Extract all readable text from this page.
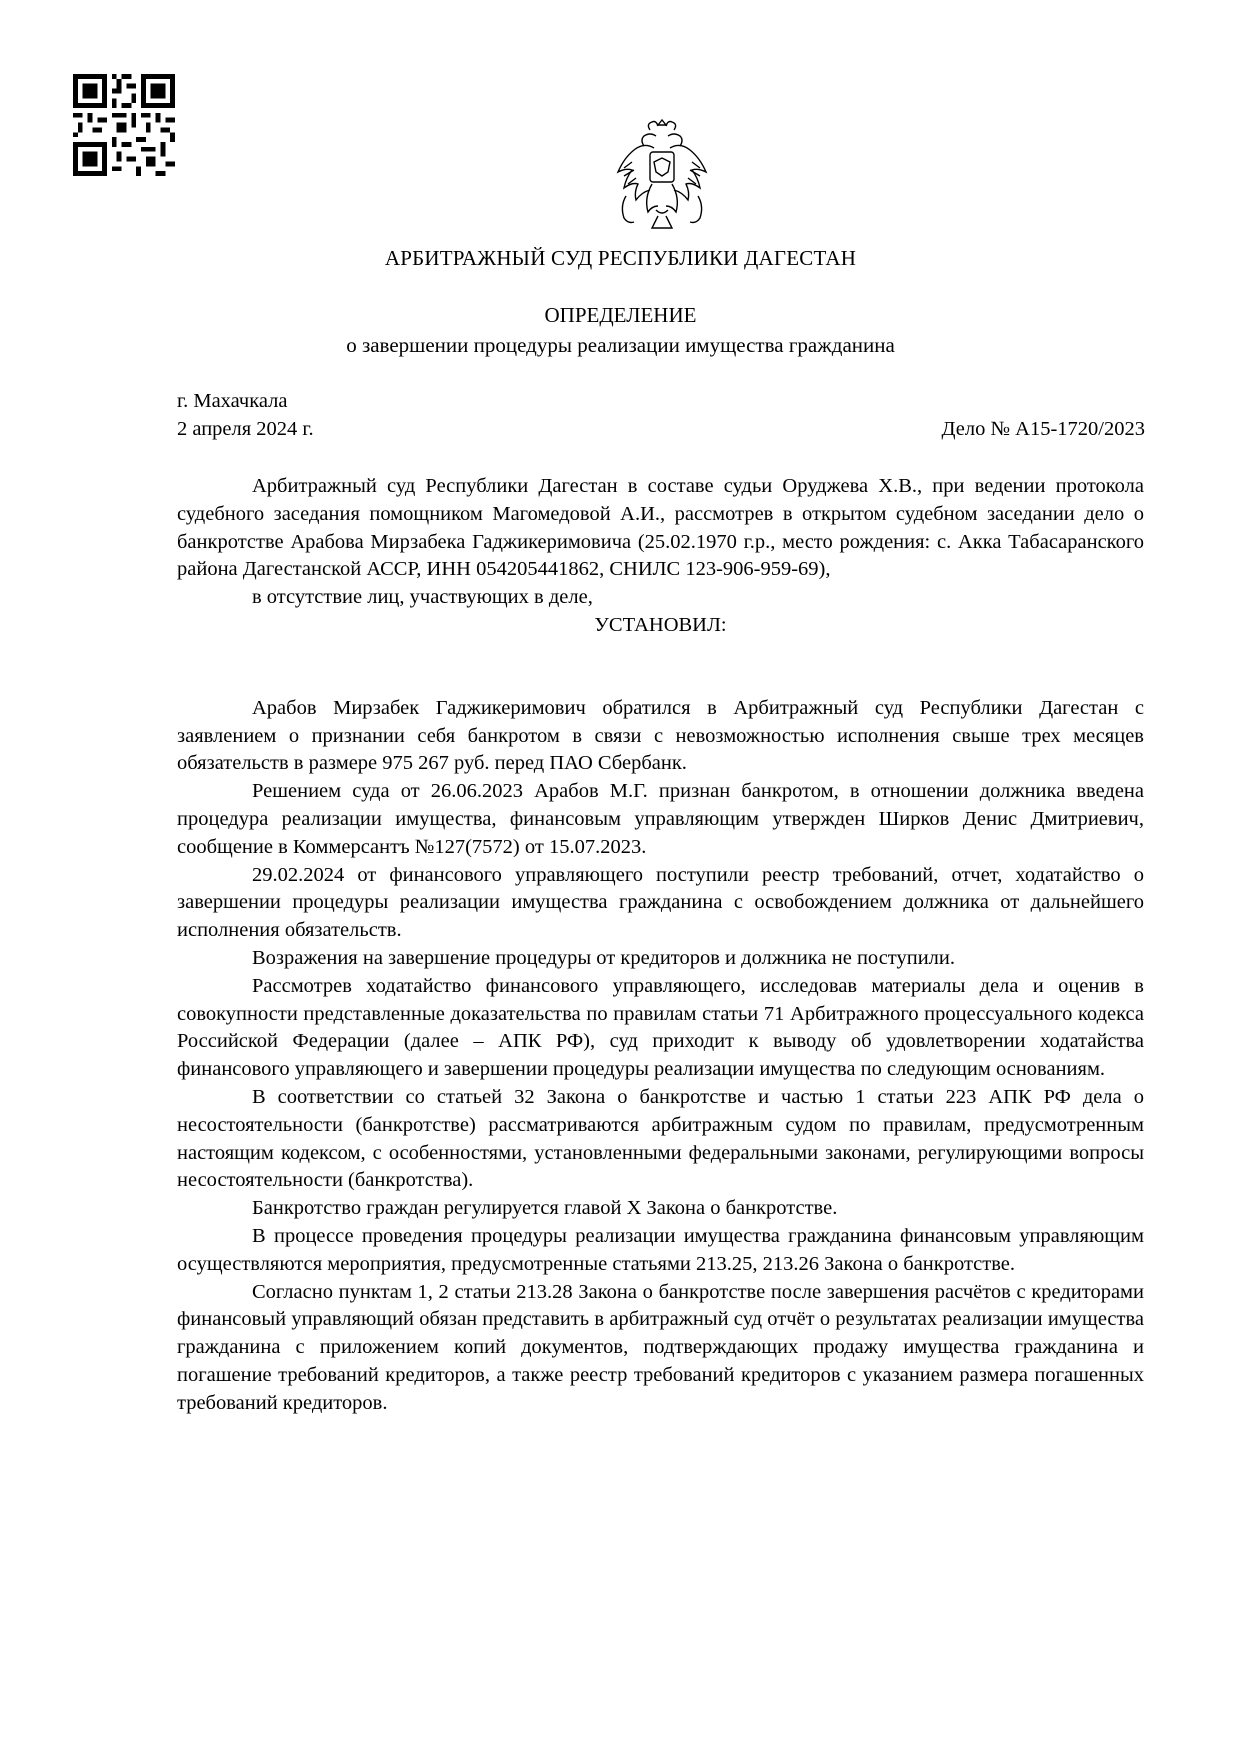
АРБИТРАЖНЫЙ СУД РЕСПУБЛИКИ ДАГЕСТАН
ОПРЕДЕЛЕНИЕ
о завершении процедуры реализации имущества гражданина
г. Махачкала
2 апреля 2024 г.	Дело № А15-1720/2023

Арбитражный суд Республики Дагестан в составе судьи Оруджева Х.В., при ведении протокола судебного заседания помощником Магомедовой А.И., рассмотрев в открытом судебном заседании дело о банкротстве Арабова Мирзабека Гаджикеримовича (25.02.1970 г.р., место рождения: с. Акка Табасаранского района Дагестанской АССР, ИНН 054205441862, СНИЛС 123-906-959-69),

в отсутствие лиц, участвующих в деле,

УСТАНОВИЛ:

Арабов Мирзабек Гаджикеримович обратился в Арбитражный суд Республики Дагестан с заявлением о признании себя банкротом в связи с невозможностью исполнения свыше трех месяцев обязательств в размере 975 267 руб. перед ПАО Сбербанк.

Решением суда от 26.06.2023 Арабов М.Г. признан банкротом, в отношении должника введена процедура реализации имущества, финансовым управляющим утвержден Ширков Денис Дмитриевич, сообщение в Коммерсантъ №127(7572) от 15.07.2023.

29.02.2024 от финансового управляющего поступили реестр требований, отчет, ходатайство о завершении процедуры реализации имущества гражданина с освобождением должника от дальнейшего исполнения обязательств.

Возражения на завершение процедуры от кредиторов и должника не поступили.

Рассмотрев ходатайство финансового управляющего, исследовав материалы дела и оценив в совокупности представленные доказательства по правилам статьи 71 Арбитражного процессуального кодекса Российской Федерации (далее – АПК РФ), суд приходит к выводу об удовлетворении ходатайства финансового управляющего и завершении процедуры реализации имущества по следующим основаниям.

В соответствии со статьей 32 Закона о банкротстве и частью 1 статьи 223 АПК РФ дела о несостоятельности (банкротстве) рассматриваются арбитражным судом по правилам, предусмотренным настоящим кодексом, с особенностями, установленными федеральными законами, регулирующими вопросы несостоятельности (банкротства).

Банкротство граждан регулируется главой X Закона о банкротстве.

В процессе проведения процедуры реализации имущества гражданина финансовым управляющим осуществляются мероприятия, предусмотренные статьями 213.25, 213.26 Закона о банкротстве.

Согласно пунктам 1, 2 статьи 213.28 Закона о банкротстве после завершения расчётов с кредиторами финансовый управляющий обязан представить в арбитражный суд отчёт о результатах реализации имущества гражданина с приложением копий документов, подтверждающих продажу имущества гражданина и погашение требований кредиторов, а также реестр требований кредиторов с указанием размера погашенных требований кредиторов.
